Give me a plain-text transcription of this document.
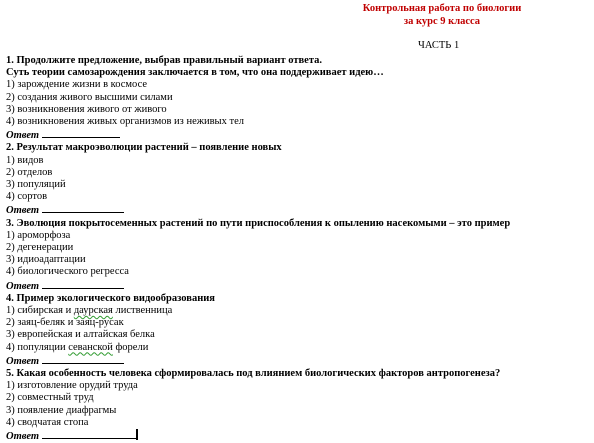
Контрольная работа по биологии
за курс 9 класса
ЧАСТЬ 1
1. Продолжите предложение, выбрав правильный вариант ответа.
Суть теории самозарождения заключается в том, что она поддерживает идею…
1) зарождение жизни в космосе
2) создания живого высшими силами
3) возникновения живого от живого
4) возникновения живых организмов из неживых тел
Ответ
2. Результат макроэволюции растений – появление новых
1) видов
2) отделов
3) популяций
4) сортов
Ответ
3. Эволюция покрытосеменных растений по пути приспособления к опылению насекомыми – это пример
1) ароморфоза
2) дегенерации
3) идиоадаптации
4) биологического регресса
Ответ
4. Пример экологического видообразования
1) сибирская и даурская лиственница
2) заяц-беляк и заяц-русак
3) европейская и алтайская белка
4) популяции севанской форели
Ответ
5. Какая особенность человека сформировалась под влиянием биологических факторов антропогенеза?
1) изготовление орудий труда
2) совместный труд
3) появление диафрагмы
4) сводчатая стопа
Ответ
